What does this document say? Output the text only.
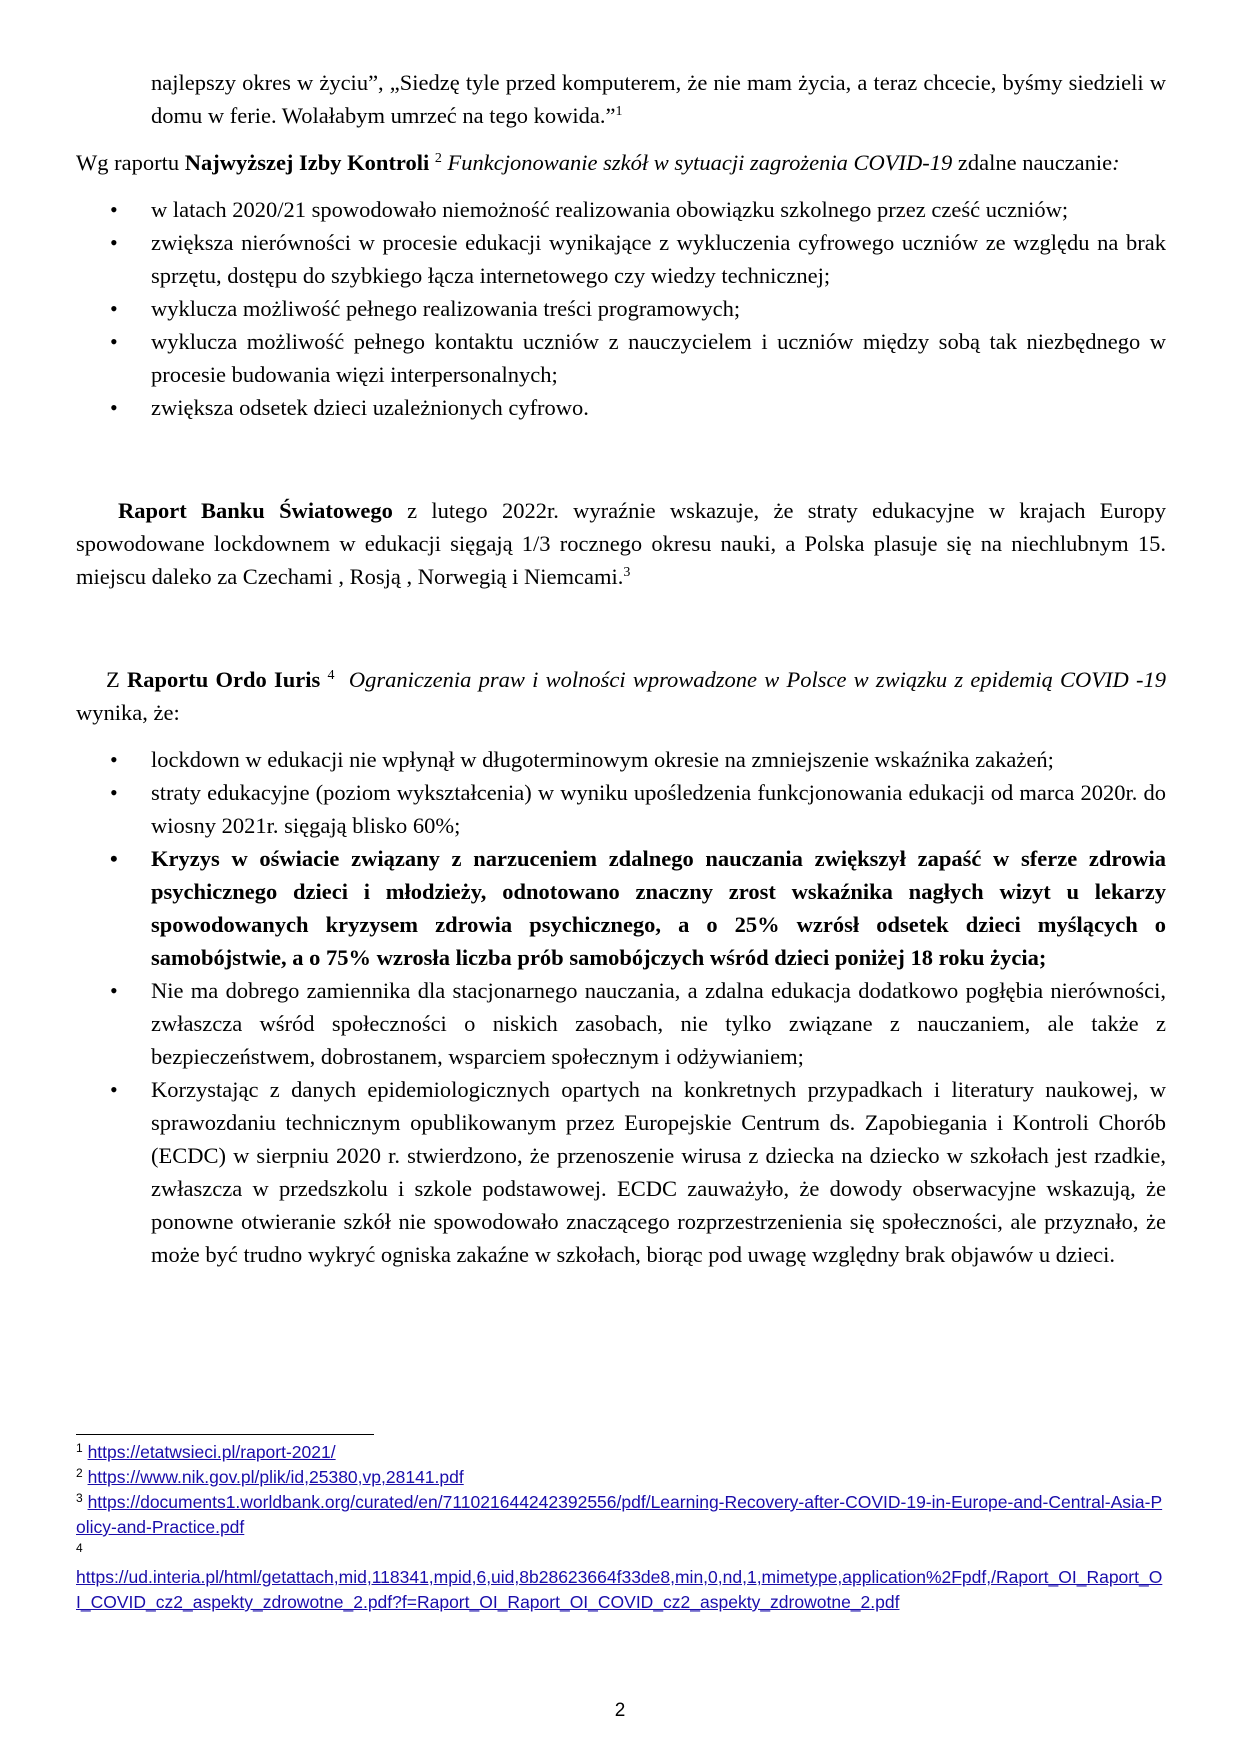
najlepszy okres w życiu”, „Siedzę tyle przed komputerem, że nie mam życia, a teraz chcecie, byśmy siedzieli w domu w ferie. Wolałabym umrzeć na tego kowida.”$^1$

Wg raportu Najwyższej Izby Kontroli $^2$ Funkcjonowanie szkół w sytuacji zagrożenia COVID-19 zdalne nauczanie:

• w latach 2020/21 spowodowało niemożność realizowania obowiązku szkolnego przez cześć uczniów;
• zwiększa nierówności w procesie edukacji wynikające z wykluczenia cyfrowego uczniów ze względu na brak sprzętu, dostępu do szybkiego łącza internetowego czy wiedzy technicznej;
• wyklucza możliwość pełnego realizowania treści programowych;
• wyklucza możliwość pełnego kontaktu uczniów z nauczycielem i uczniów między sobą tak niezbędnego w procesie budowania więzi interpersonalnych;
• zwiększa odsetek dzieci uzależnionych cyfrowo.

Raport Banku Światowego z lutego 2022r. wyraźnie wskazuje, że straty edukacyjne w krajach Europy spowodowane lockdownem w edukacji sięgają 1/3 rocznego okresu nauki, a Polska plasuje się na niechlubnym 15. miejscu daleko za Czechami , Rosją , Norwegią i Niemcami.$^3$

Z Raportu Ordo Iuris $^4$ Ograniczenia praw i wolności wprowadzone w Polsce w związku z epidemią COVID -19 wynika, że:

• lockdown w edukacji nie wpłynął w długoterminowym okresie na zmniejszenie wskaźnika zakażeń;
• straty edukacyjne (poziom wykształcenia) w wyniku upośledzenia funkcjonowania edukacji od marca 2020r. do wiosny 2021r. sięgają blisko 60%;
• Kryzys w oświacie związany z narzuceniem zdalnego nauczania zwiększył zapaść w sferze zdrowia psychicznego dzieci i młodzieży, odnotowano znaczny zrost wskaźnika nagłych wizyt u lekarzy spowodowanych kryzysem zdrowia psychicznego, a o 25% wzrósł odsetek dzieci myślących o samobójstwie, a o 75% wzrosła liczba prób samobójczych wśród dzieci poniżej 18 roku życia;
• Nie ma dobrego zamiennika dla stacjonarnego nauczania, a zdalna edukacja dodatkowo pogłębia nierówności, zwłaszcza wśród społeczności o niskich zasobach, nie tylko związane z nauczaniem, ale także z bezpieczeństwem, dobrostanem, wsparciem społecznym i odżywianiem;
• Korzystając z danych epidemiologicznych opartych na konkretnych przypadkach i literatury naukowej, w sprawozdaniu technicznym opublikowanym przez Europejskie Centrum ds. Zapobiegania i Kontroli Chorób (ECDC) w sierpniu 2020 r. stwierdzono, że przenoszenie wirusa z dziecka na dziecko w szkołach jest rzadkie, zwłaszcza w przedszkolu i szkole podstawowej. ECDC zauważyło, że dowody obserwacyjne wskazują, że ponowne otwieranie szkół nie spowodowało znaczącego rozprzestrzenienia się społeczności, ale przyznało, że może być trudno wykryć ogniska zakaźne w szkołach, biorąc pod uwagę względny brak objawów u dzieci.

$^1$ https://etatwsieci.pl/raport-2021/

$^2$ https://www.nik.gov.pl/plik/id,25380,vp,28141.pdf

$^3$ https://documents1.worldbank.org/curated/en/711021644242392556/pdf/Learning-Recovery-after-COVID-19-in-Europe-and-Central-Asia-Policy-and-Practice.pdf

$^4$
https://ud.interia.pl/html/getattach,mid,118341,mpid,6,uid,8b28623664f33de8,min,0,nd,1,mimetype,application%2Fpdf,/Raport_OI_Raport_OI_COVID_cz2_aspekty_zdrowotne_2.pdf?f=Raport_OI_Raport_OI_COVID_cz2_aspekty_zdrowotne_2.pdf

2
